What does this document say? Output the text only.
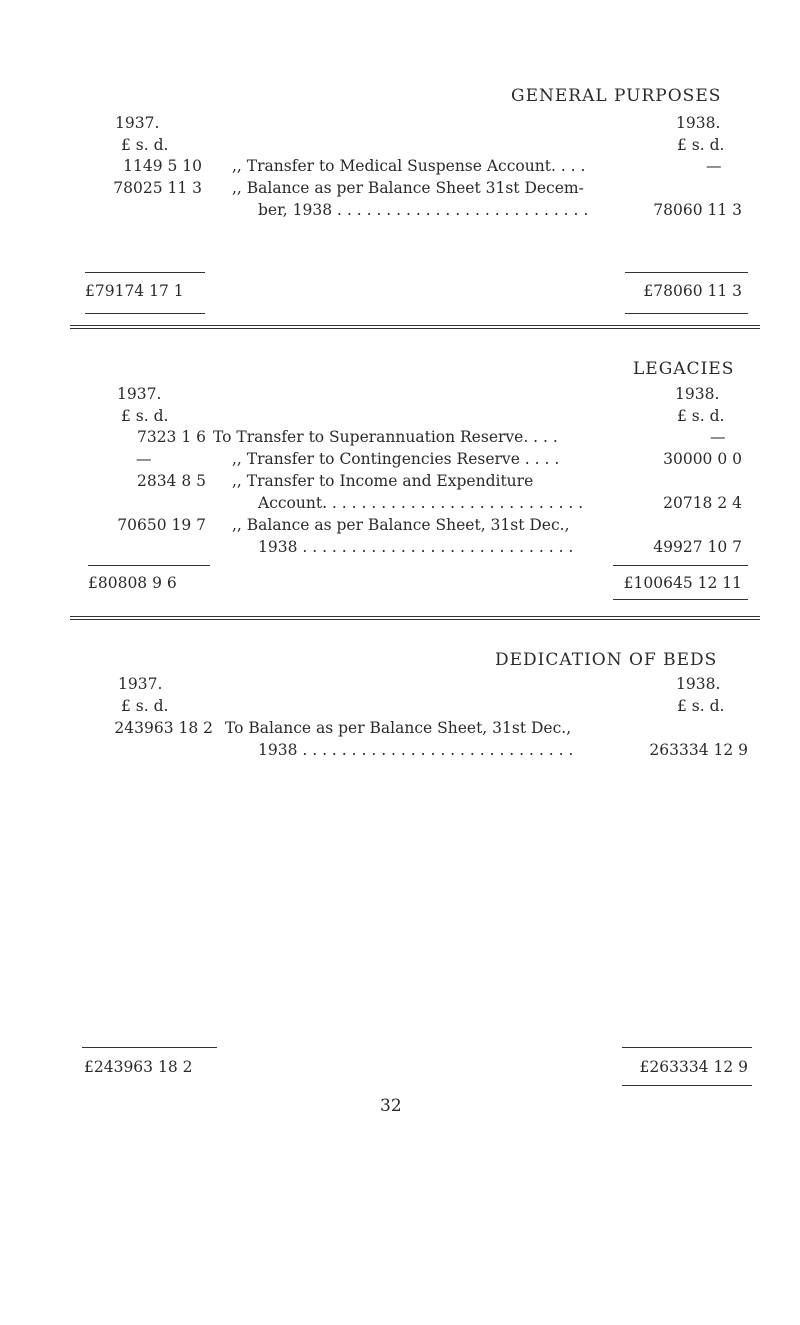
GENERAL PURPOSES
1937.	1938.
£ s. d.	£ s. d.
1149 5 10 ,, Transfer to Medical Suspense Account. . . .	—
78025 11 3 ,, Balance as per Balance Sheet 31st Decem-
ber, 1938 . . . . . . . . . . . . . . . . . . . . . . . . . .	78060 11 3
£79174 17 1	£78060 11 3
LEGACIES
1937.	1938.
£ s. d.	£ s. d.
7323 1 6 To Transfer to Superannuation Reserve. . . .	—
—	,, Transfer to Contingencies Reserve . . . .	30000 0 0
2834 8 5 ,, Transfer to Income and Expenditure
Account. . . . . . . . . . . . . . . . . . . . . . . . . . .	20718 2 4
70650 19 7 ,, Balance as per Balance Sheet, 31st Dec.,
1938 . . . . . . . . . . . . . . . . . . . . . . . . . . . .	49927 10 7
£80808 9 6	£100645 12 11
DEDICATION OF BEDS
1937.	1938.
£ s. d.	£ s. d.
243963 18 2 To Balance as per Balance Sheet, 31st Dec.,
1938 . . . . . . . . . . . . . . . . . . . . . . . . . . . .	263334 12 9
£243963 18 2	£263334 12 9
32
